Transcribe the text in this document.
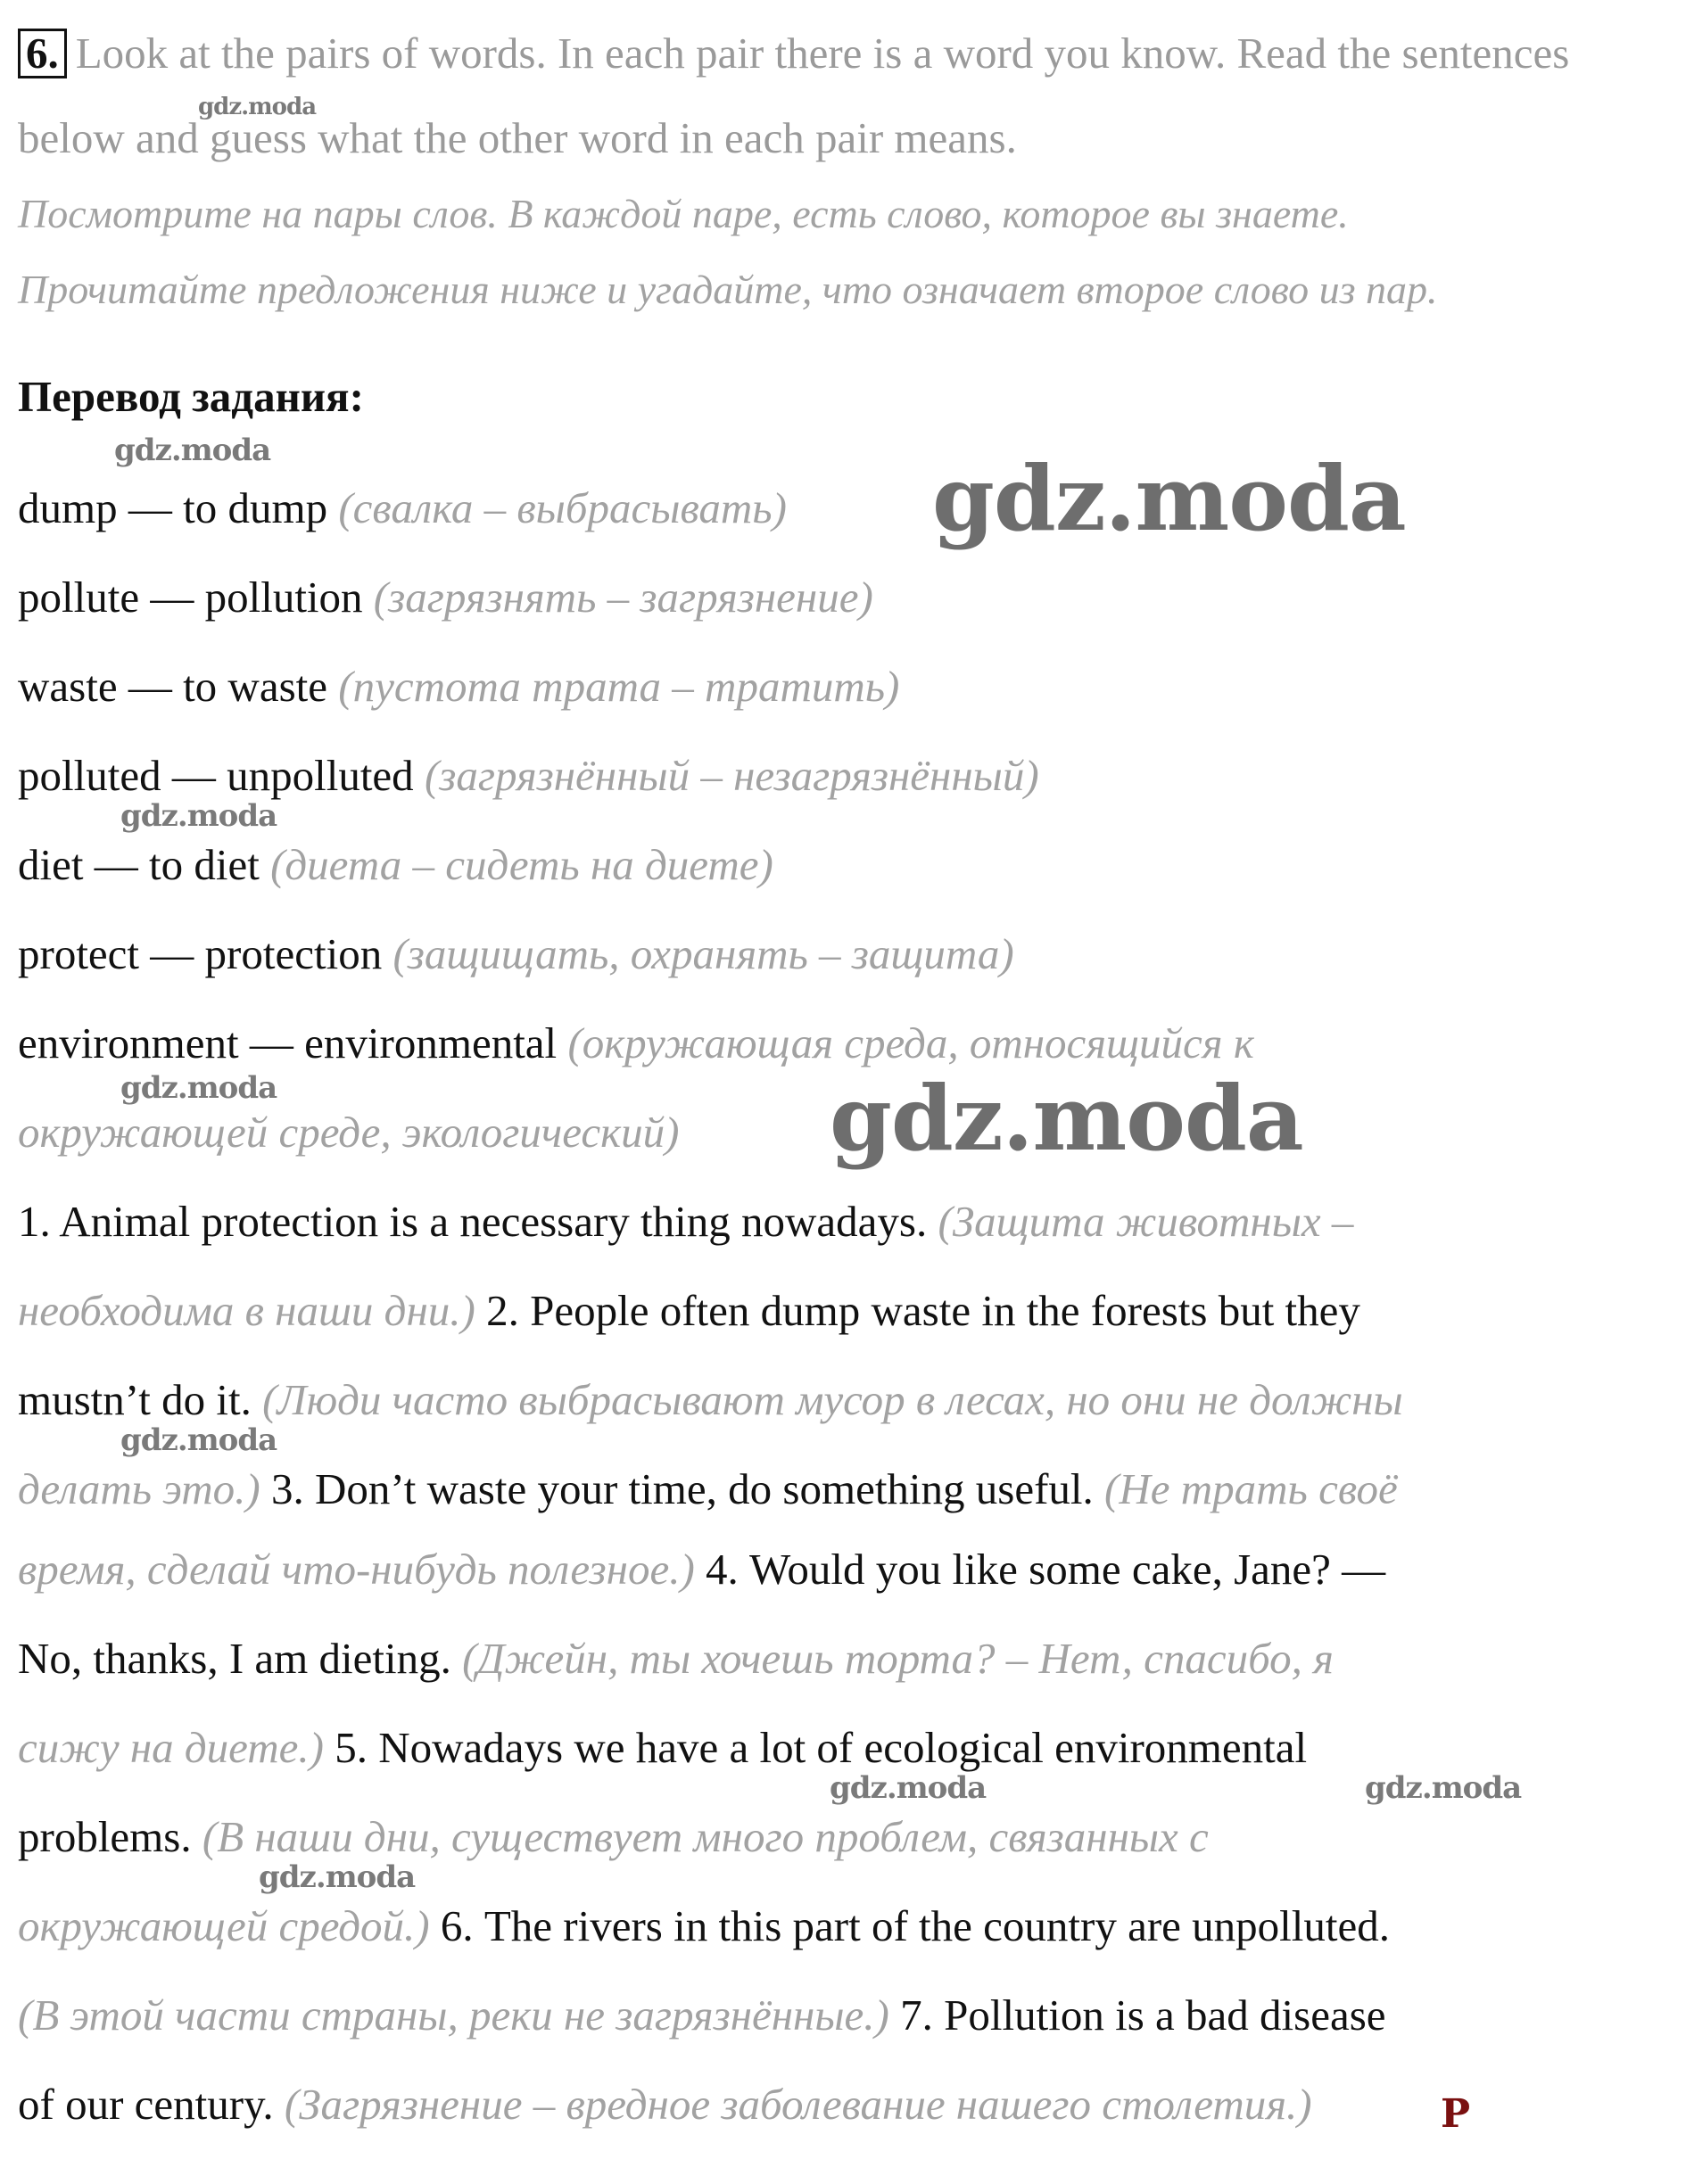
6. Look at the pairs of words. In each pair there is a word you know. Read the sentences
below and guess what the other word in each pair means.
Посмотрите на пары слов. В каждой паре, есть слово, которое вы знаете.
Прочитайте предложения ниже и угадайте, что означает второе слово из пар.
Перевод задания:
dump — to dump (свалка – выбрасывать)
pollute — pollution (загрязнять – загрязнение)
waste — to waste (пустота трата – тратить)
polluted — unpolluted (загрязнённый – незагрязнённый)
diet — to diet (диета – сидеть на диете)
protect — protection (защищать, охранять – защита)
environment — environmental (окружающая среда, относящийся к
окружающей среде, экологический)
1. Animal protection is a necessary thing nowadays. (Защита животных –
необходима в наши дни.) 2. People often dump waste in the forests but they
mustn’t do it. (Люди часто выбрасывают мусор в лесах, но они не должны
делать это.) 3. Don’t waste your time, do something useful. (Не трать своё
время, сделай что-нибудь полезное.) 4. Would you like some cake, Jane? —
No, thanks, I am dieting. (Джейн, ты хочешь торта? – Нет, спасибо, я
сижу на диете.) 5. Nowadays we have a lot of ecological environmental
problems. (В наши дни, существует много проблем, связанных с
окружающей средой.) 6. The rivers in this part of the country are unpolluted.
(В этой части страны, реки не загрязнённые.) 7. Pollution is a bad disease
of our century. (Загрязнение – вредное заболевание нашего столетия.)
gdz.moda
gdz.moda	gdz.moda
gdz.moda
gdz.moda	gdz.moda
gdz.moda
gdz.moda	gdz.moda
gdz.moda
Р
